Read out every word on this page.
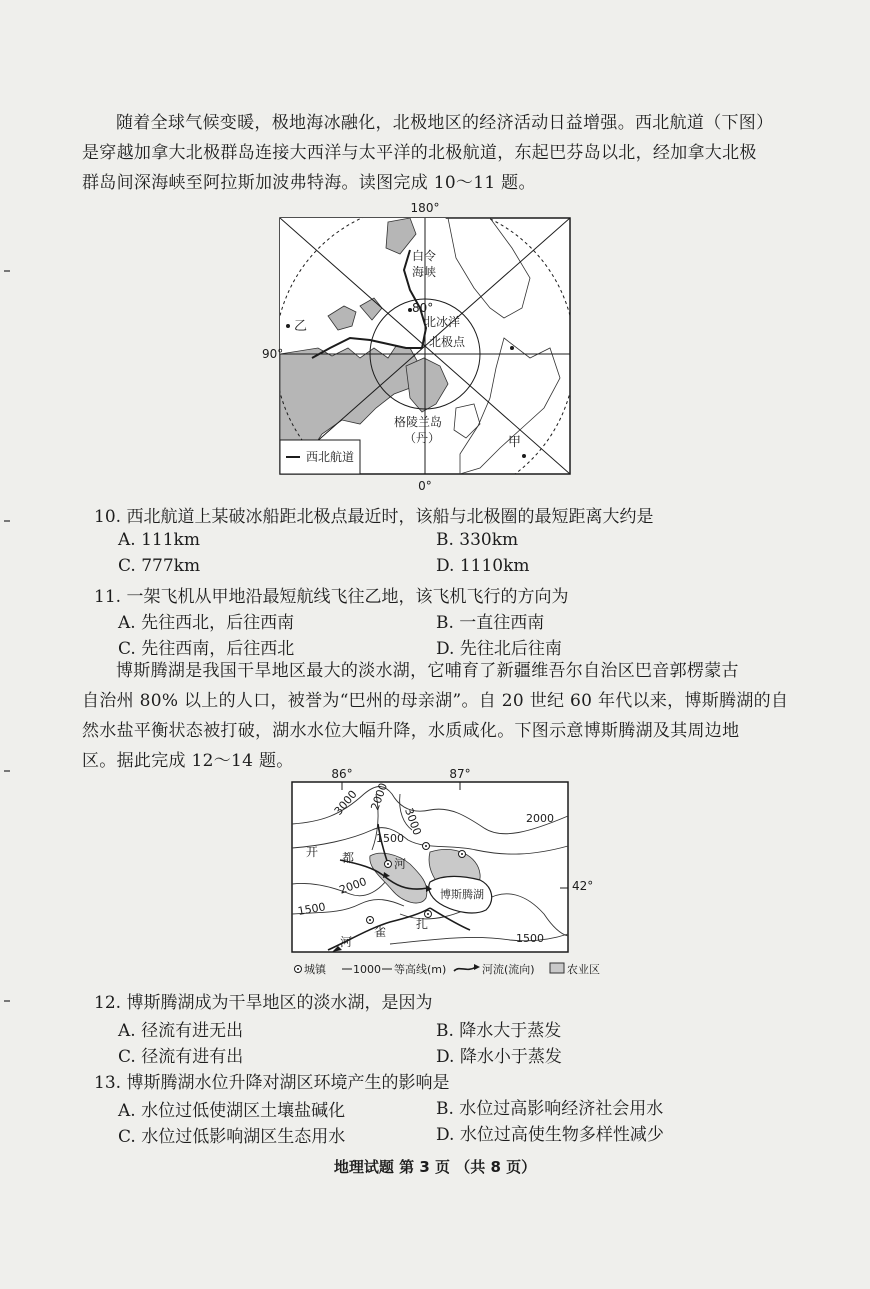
随着全球气候变暖，极地海冰融化，北极地区的经济活动日益增强。西北航道（下图）
是穿越加拿大北极群岛连接大西洋与太平洋的北极航道，东起巴芬岛以北，经加拿大北极
群岛间深海峡至阿拉斯加波弗特海。读图完成 10～11 题。

180°
90°
0°
80°
白令
海峡
北冰洋
北极点
乙
甲
格陵兰岛
（丹）
西北航道
10. 西北航道上某破冰船距北极点最近时，该船与北极圈的最短距离大约是
A. 111km	B. 330km
C. 777km	D. 1110km
11. 一架飞机从甲地沿最短航线飞往乙地，该飞机飞行的方向为
A. 先往西北，后往西南	B. 一直往西南
C. 先往西南，后往西北	D. 先往北后往南

博斯腾湖是我国干旱地区最大的淡水湖，它哺育了新疆维吾尔自治区巴音郭楞蒙古
自治州 80% 以上的人口，被誉为“巴州的母亲湖”。自 20 世纪 60 年代以来，博斯腾湖的自
然水盐平衡状态被打破，湖水水位大幅升降，水质咸化。下图示意博斯腾湖及其周边地
区。据此完成 12～14 题。

86°	87°
42°
3000 2000
3000	2000
1500
2000
1500
1500
开 都	河
博斯腾湖
河
雀
扎
城镇 1000 等高线(m)	河流(流向)	农业区
12. 博斯腾湖成为干旱地区的淡水湖，是因为
A. 径流有进无出	B. 降水大于蒸发
C. 径流有进有出	D. 降水小于蒸发
13. 博斯腾湖水位升降对湖区环境产生的影响是
A. 水位过低使湖区土壤盐碱化	B. 水位过高影响经济社会用水
C. 水位过低影响湖区生态用水	D. 水位过高使生物多样性减少
地理试题 第 3 页 （共 8 页）
